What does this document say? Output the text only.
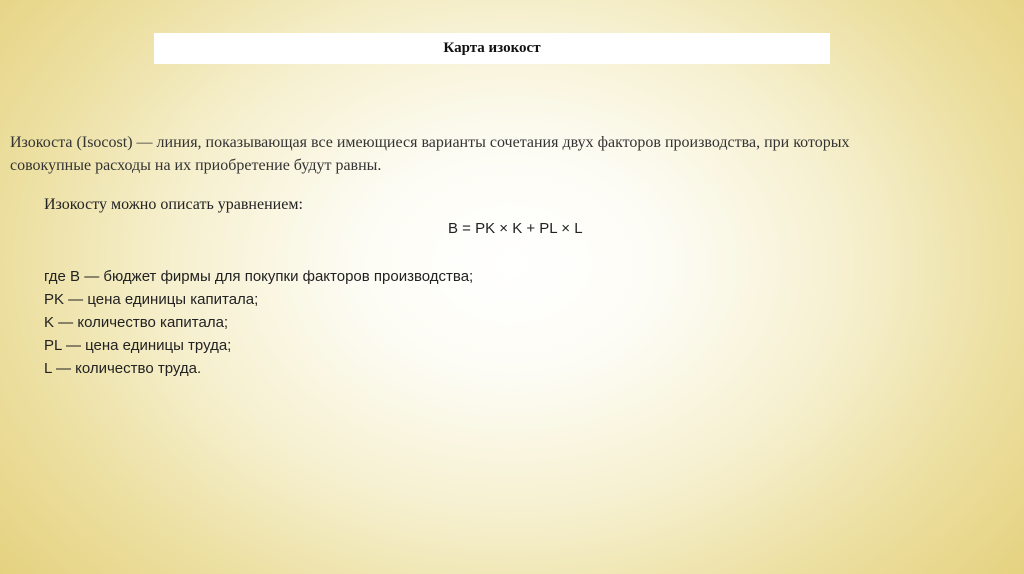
Карта изокост
Изокоста (Isocost) — линия, показывающая все имеющиеся варианты сочетания двух факторов производства, при которых
совокупные расходы на их приобретение будут равны.
Изокосту можно описать уравнением:
B = PK × K + PL × L
где В — бюджет фирмы для покупки факторов производства;
PK — цена единицы капитала;
K — количество капитала;
PL — цена единицы труда;
L — количество труда.
